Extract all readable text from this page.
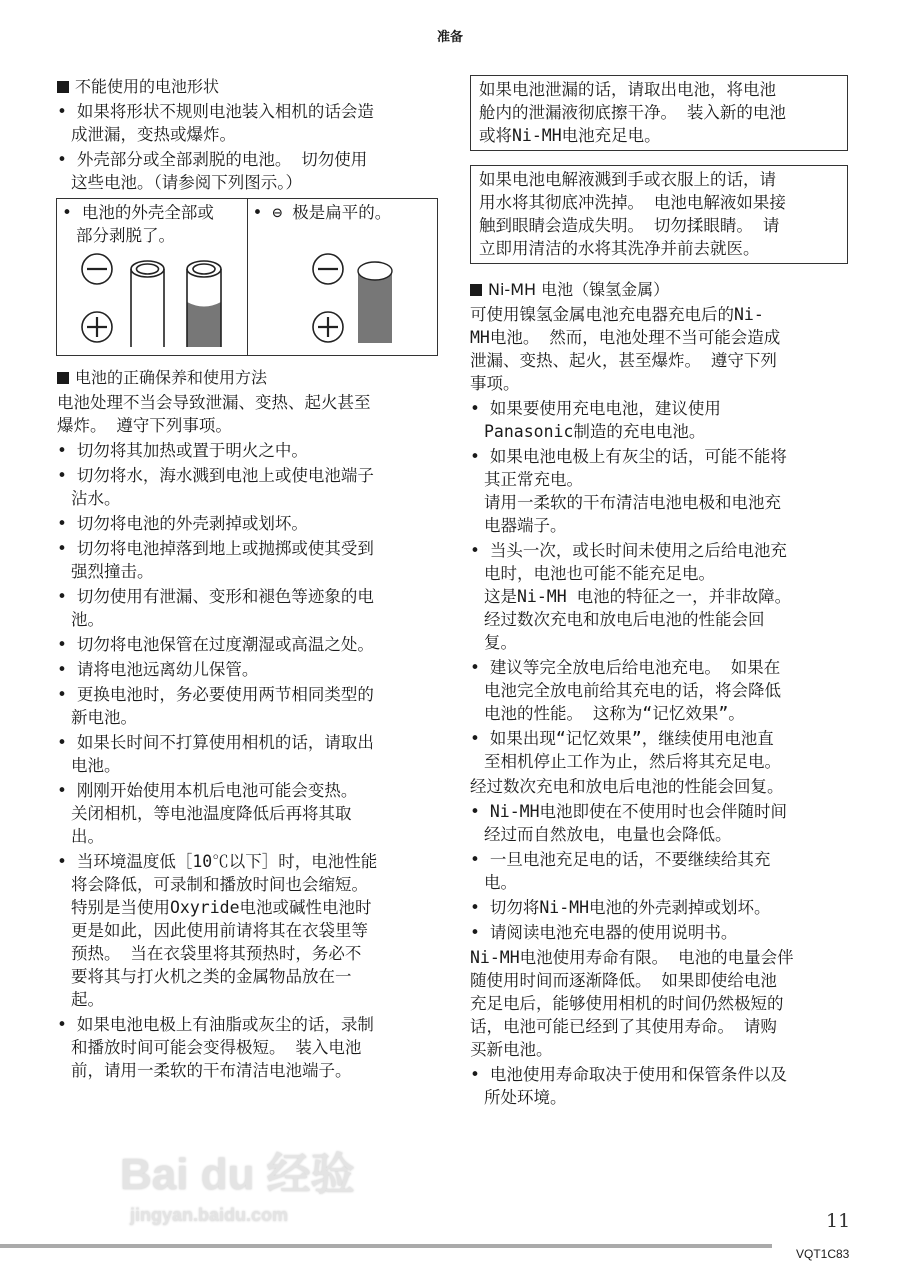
准备
不能使用的电池形状
• 如果将形状不规则电池装入相机的话会造
成泄漏，变热或爆炸。
• 外壳部分或全部剥脱的电池。 切勿使用
这些电池。（请参阅下列图示。）
• 电池的外壳全部或
部分剥脱了。

• ⊖ 极是扁平的。
电池的正确保养和使用方法
电池处理不当会导致泄漏、变热、起火甚至
爆炸。 遵守下列事项。
• 切勿将其加热或置于明火之中。
• 切勿将水，海水溅到电池上或使电池端子
沾水。
• 切勿将电池的外壳剥掉或划坏。
• 切勿将电池掉落到地上或抛掷或使其受到
强烈撞击。
• 切勿使用有泄漏、变形和褪色等迹象的电
池。
• 切勿将电池保管在过度潮湿或高温之处。
• 请将电池远离幼儿保管。
• 更换电池时，务必要使用两节相同类型的
新电池。
• 如果长时间不打算使用相机的话，请取出
电池。
• 刚刚开始使用本机后电池可能会变热。
关闭相机，等电池温度降低后再将其取
出。
• 当环境温度低［10℃以下］时，电池性能
将会降低，可录制和播放时间也会缩短。
特别是当使用Oxyride电池或碱性电池时
更是如此，因此使用前请将其在衣袋里等
预热。 当在衣袋里将其预热时，务必不
要将其与打火机之类的金属物品放在一
起。
• 如果电池电极上有油脂或灰尘的话，录制
和播放时间可能会变得极短。 装入电池
前，请用一柔软的干布清洁电池端子。
如果电池泄漏的话，请取出电池，将电池
舱内的泄漏液彻底擦干净。 装入新的电池
或将Ni-MH电池充足电。
如果电池电解液溅到手或衣服上的话，请
用水将其彻底冲洗掉。 电池电解液如果接
触到眼睛会造成失明。 切勿揉眼睛。 请
立即用清洁的水将其洗净并前去就医。
Ni-MH 电池（镍氢金属）
可使用镍氢金属电池充电器充电后的Ni-
MH电池。 然而，电池处理不当可能会造成
泄漏、变热、起火，甚至爆炸。 遵守下列
事项。
• 如果要使用充电电池，建议使用
Panasonic制造的充电电池。
• 如果电池电极上有灰尘的话，可能不能将
其正常充电。
请用一柔软的干布清洁电池电极和电池充
电器端子。
• 当头一次，或长时间未使用之后给电池充
电时，电池也可能不能充足电。
这是Ni-MH 电池的特征之一，并非故障。
经过数次充电和放电后电池的性能会回
复。
• 建议等完全放电后给电池充电。 如果在
电池完全放电前给其充电的话，将会降低
电池的性能。 这称为“记忆效果”。
• 如果出现“记忆效果”，继续使用电池直
至相机停止工作为止，然后将其充足电。
经过数次充电和放电后电池的性能会回复。
• Ni-MH电池即使在不使用时也会伴随时间
经过而自然放电，电量也会降低。
• 一旦电池充足电的话，不要继续给其充
电。
• 切勿将Ni-MH电池的外壳剥掉或划坏。
• 请阅读电池充电器的使用说明书。
Ni-MH电池使用寿命有限。 电池的电量会伴
随使用时间而逐渐降低。 如果即使给电池
充足电后，能够使用相机的时间仍然极短的
话，电池可能已经到了其使用寿命。 请购
买新电池。
• 电池使用寿命取决于使用和保管条件以及
所处环境。
Bai du 经验
jingyan.baidu.com	11
VQT1C83
